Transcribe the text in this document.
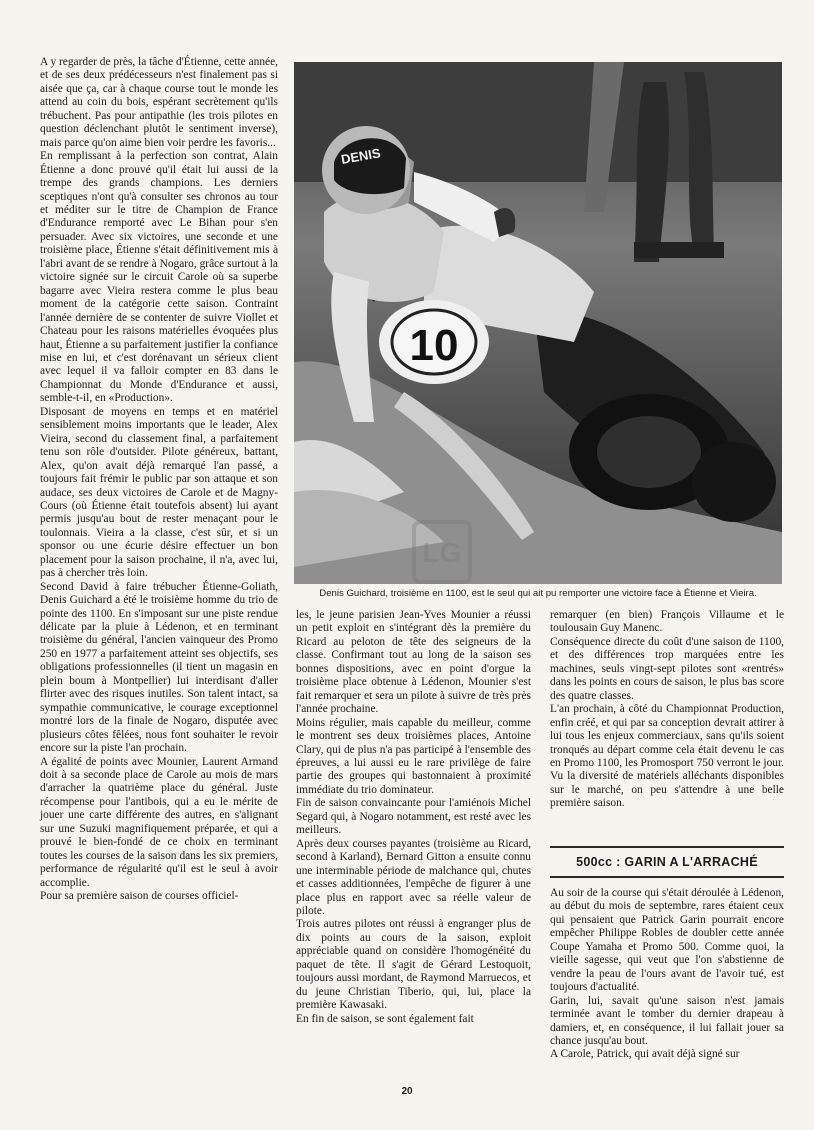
A y regarder de près, la tâche d'Étienne, cette année, et de ses deux prédécesseurs n'est finalement pas si aisée que ça, car à chaque course tout le monde les attend au coin du bois, espérant secrètement qu'ils trébuchent. Pas pour antipathie (les trois pilotes en question déclenchant plutôt le sentiment inverse), mais parce qu'on aime bien voir perdre les favoris...

En remplissant à la perfection son contrat, Alain Étienne a donc prouvé qu'il était lui aussi de la trempe des grands champions. Les derniers sceptiques n'ont qu'à consulter ses chronos au tour et méditer sur le titre de Champion de France d'Endurance remporté avec Le Bihan pour s'en persuader. Avec six victoires, une seconde et une troisième place, Étienne s'était définitivement mis à l'abri avant de se rendre à Nogaro, grâce surtout à la victoire signée sur le circuit Carole où sa superbe bagarre avec Vieira restera comme le plus beau moment de la catégorie cette saison. Contraint l'année dernière de se contenter de suivre Viollet et Chateau pour les raisons matérielles évoquées plus haut, Étienne a su parfaitement justifier la confiance mise en lui, et c'est dorénavant un sérieux client avec lequel il va falloir compter en 83 dans le Championnat du Monde d'Endurance et aussi, semble-t-il, en «Production».

Disposant de moyens en temps et en matériel sensiblement moins importants que le leader, Alex Vieira, second du classement final, a parfaitement tenu son rôle d'outsider. Pilote généreux, battant, Alex, qu'on avait déjà remarqué l'an passé, a toujours fait frémir le public par son attaque et son audace, ses deux victoires de Carole et de Magny-Cours (où Étienne était toutefois absent) lui ayant permis jusqu'au bout de rester menaçant pour le toulonnais. Vieira a la classe, c'est sûr, et si un sponsor ou une écurie désire effectuer un bon placement pour la saison prochaine, il n'a, avec lui, pas à chercher très loin.

Second David à faire trébucher Étienne-Goliath, Denis Guichard a été le troisième homme du trio de pointe des 1100. En s'imposant sur une piste rendue délicate par la pluie à Lédenon, et en terminant troisième du général, l'ancien vainqueur des Promo 250 en 1977 a parfaitement atteint ses objectifs, ses obligations professionnelles (il tient un magasin en plein boum à Montpellier) lui interdisant d'aller flirter avec des risques inutiles. Son talent intact, sa sympathie communicative, le courage exceptionnel montré lors de la finale de Nogaro, disputée avec plusieurs côtes fêlées, nous font souhaiter le revoir encore sur la piste l'an prochain.

A égalité de points avec Mounier, Laurent Armand doit à sa seconde place de Carole au mois de mars d'arracher la quatrième place du général. Juste récompense pour l'antibois, qui a eu le mérite de jouer une carte différente des autres, en s'alignant sur une Suzuki magnifiquement préparée, et qui a prouvé le bien-fondé de ce choix en terminant toutes les courses de la saison dans les six premiers, performance de régularité qu'il est le seul à avoir accomplie.

Pour sa première saison de courses officiel-

10
DENIS
LG
Denis Guichard, troisième en 1100, est le seul qui ait pu remporter une victoire face à Étienne et Vieira.

les, le jeune parisien Jean-Yves Mounier a réussi un petit exploit en s'intégrant dès la première du Ricard au peloton de tête des seigneurs de la classe. Confirmant tout au long de la saison ses bonnes dispositions, avec en point d'orgue la troisième place obtenue à Lédenon, Mounier s'est fait remarquer et sera un pilote à suivre de très près l'année prochaine.

Moins régulier, mais capable du meilleur, comme le montrent ses deux troisièmes places, Antoine Clary, qui de plus n'a pas participé à l'ensemble des épreuves, a lui aussi eu le rare privilège de faire partie des groupes qui bastonnaient à proximité immédiate du trio dominateur.

Fin de saison convaincante pour l'amiénois Michel Segard qui, à Nogaro notamment, est resté avec les meilleurs.

Après deux courses payantes (troisième au Ricard, second à Karland), Bernard Gitton a ensuite connu une interminable période de malchance qui, chutes et casses additionnées, l'empêche de figurer à une place plus en rapport avec sa réelle valeur de pilote.

Trois autres pilotes ont réussi à engranger plus de dix points au cours de la saison, exploit appréciable quand on considère l'homogénéité du paquet de tête. Il s'agit de Gérard Lestoquoit, toujours aussi mordant, de Raymond Marruecos, et du jeune Christian Tiberio, qui, lui, place la première Kawasaki.

En fin de saison, se sont également fait

remarquer (en bien) François Villaume et le toulousain Guy Manenc.

Conséquence directe du coût d'une saison de 1100, et des différences trop marquées entre les machines, seuls vingt-sept pilotes sont «rentrés» dans les points en cours de saison, le plus bas score des quatre classes.

L'an prochain, à côté du Championnat Production, enfin créé, et qui par sa conception devrait attirer à lui tous les enjeux commerciaux, sans qu'ils soient tronqués au départ comme cela était devenu le cas en Promo 1100, les Promosport 750 verront le jour. Vu la diversité de matériels alléchants disponibles sur le marché, on peu s'attendre à une belle première saison.

500cc : GARIN A L'ARRACHÉ

Au soir de la course qui s'était déroulée à Lédenon, au début du mois de septembre, rares étaient ceux qui pensaient que Patrick Garin pourrait encore empêcher Philippe Robles de doubler cette année Coupe Yamaha et Promo 500. Comme quoi, la vieille sagesse, qui veut que l'on s'abstienne de vendre la peau de l'ours avant de l'avoir tué, est toujours d'actualité.

Garin, lui, savait qu'une saison n'est jamais terminée avant le tomber du dernier drapeau à damiers, et, en conséquence, il lui fallait jouer sa chance jusqu'au bout.

A Carole, Patrick, qui avait déjà signé sur

20
